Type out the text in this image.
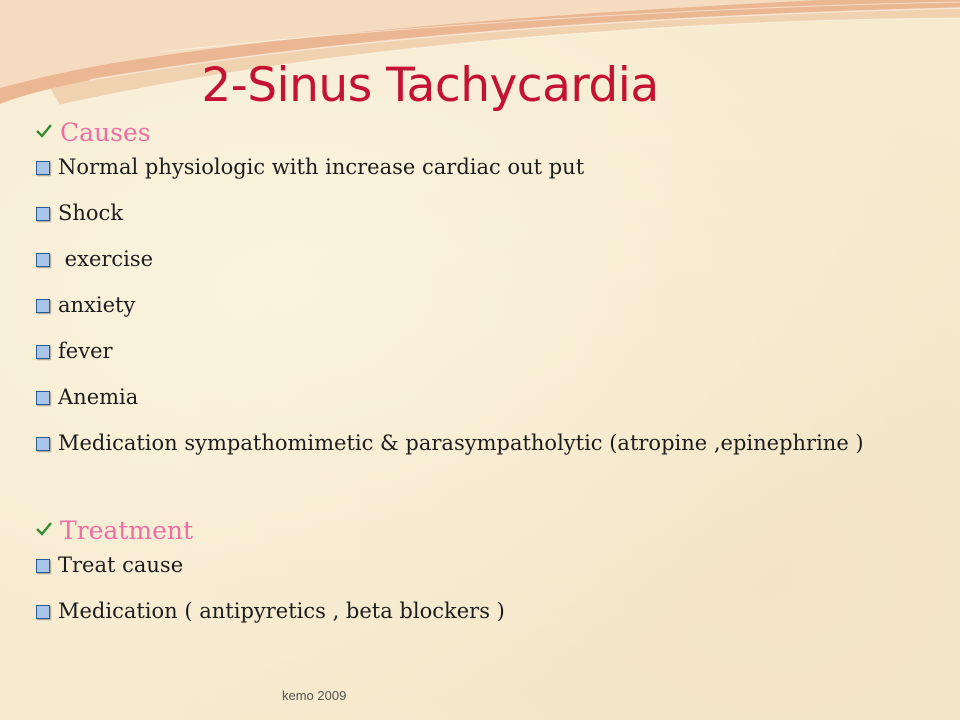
2-Sinus Tachycardia
Causes
Normal physiologic with increase cardiac out put
Shock
exercise
anxiety
fever
Anemia
Medication sympathomimetic & parasympatholytic (atropine ,epinephrine )
Treatment
Treat cause
Medication ( antipyretics , beta blockers )
kemo 2009
